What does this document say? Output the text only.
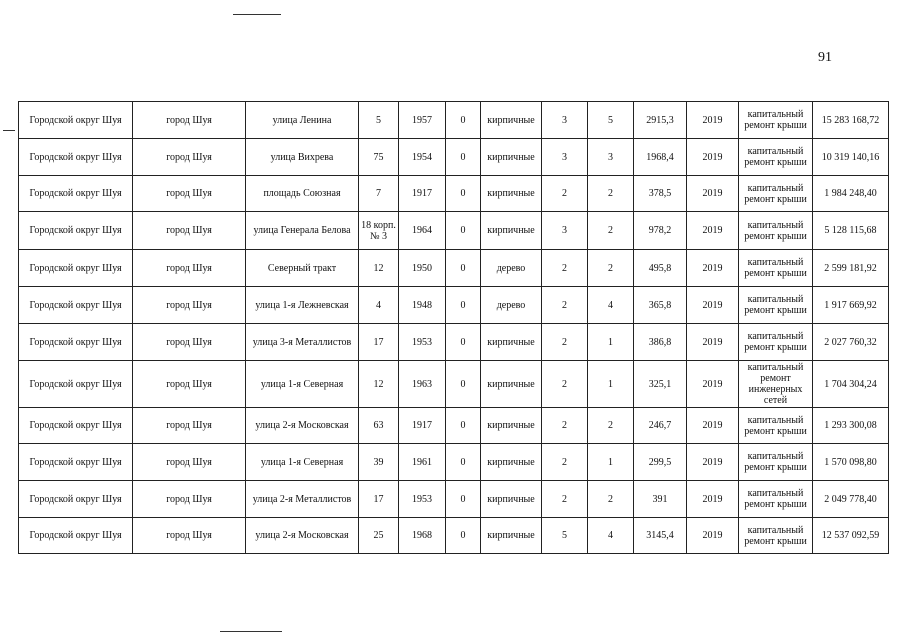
91
Городской округ Шуя	город Шуя	улица Ленина	5	1957	0	кирпичные	3	5	2915,3	2019	капитальный ремонт крыши	15 283 168,72
Городской округ Шуя	город Шуя	улица Вихрева	75	1954	0	кирпичные	3	3	1968,4	2019	капитальный ремонт крыши	10 319 140,16
Городской округ Шуя	город Шуя	площадь Союзная	7	1917	0	кирпичные	2	2	378,5	2019	капитальный ремонт крыши	1 984 248,40
Городской округ Шуя	город Шуя	улица Генерала Белова	18 корп. № 3	1964	0	кирпичные	3	2	978,2	2019	капитальный ремонт крыши	5 128 115,68
Городской округ Шуя	город Шуя	Северный тракт	12	1950	0	дерево	2	2	495,8	2019	капитальный ремонт крыши	2 599 181,92
Городской округ Шуя	город Шуя	улица 1-я Лежневская	4	1948	0	дерево	2	4	365,8	2019	капитальный ремонт крыши	1 917 669,92
Городской округ Шуя	город Шуя	улица 3-я Металлистов	17	1953	0	кирпичные	2	1	386,8	2019	капитальный ремонт крыши	2 027 760,32
Городской округ Шуя	город Шуя	улица 1-я Северная	12	1963	0	кирпичные	2	1	325,1	2019	капитальный ремонт инженерных сетей	1 704 304,24
Городской округ Шуя	город Шуя	улица 2-я Московская	63	1917	0	кирпичные	2	2	246,7	2019	капитальный ремонт крыши	1 293 300,08
Городской округ Шуя	город Шуя	улица 1-я Северная	39	1961	0	кирпичные	2	1	299,5	2019	капитальный ремонт крыши	1 570 098,80
Городской округ Шуя	город Шуя	улица 2-я Металлистов	17	1953	0	кирпичные	2	2	391	2019	капитальный ремонт крыши	2 049 778,40
Городской округ Шуя	город Шуя	улица 2-я Московская	25	1968	0	кирпичные	5	4	3145,4	2019	капитальный ремонт крыши	12 537 092,59
